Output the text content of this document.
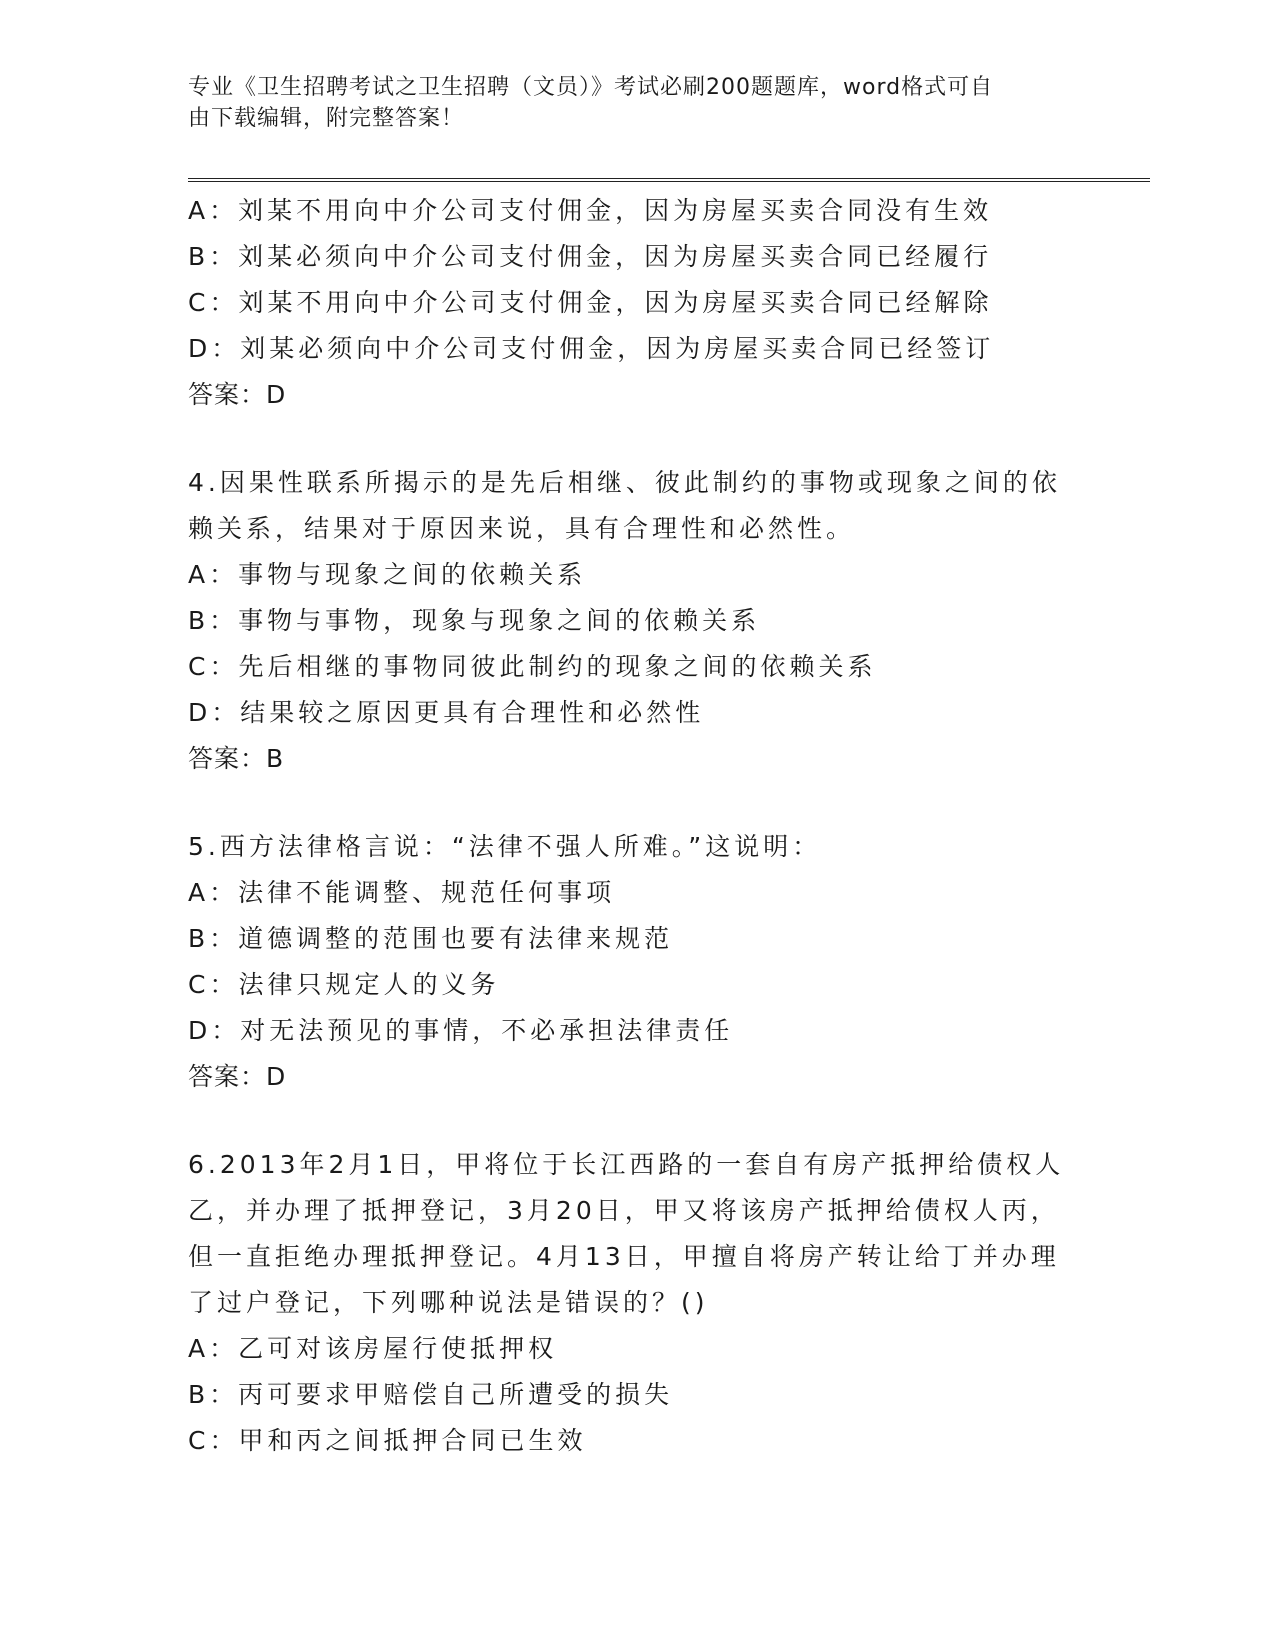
专业《卫生招聘考试之卫生招聘（文员）》考试必刷200题题库，word格式可自
由下载编辑，附完整答案！
A：刘某不用向中介公司支付佣金，因为房屋买卖合同没有生效
B：刘某必须向中介公司支付佣金，因为房屋买卖合同已经履行
C：刘某不用向中介公司支付佣金，因为房屋买卖合同已经解除
D：刘某必须向中介公司支付佣金，因为房屋买卖合同已经签订
答案：D
4.因果性联系所揭示的是先后相继、彼此制约的事物或现象之间的依
赖关系，结果对于原因来说，具有合理性和必然性。
A：事物与现象之间的依赖关系
B：事物与事物，现象与现象之间的依赖关系
C：先后相继的事物同彼此制约的现象之间的依赖关系
D：结果较之原因更具有合理性和必然性
答案：B
5.西方法律格言说：“法律不强人所难。”这说明：
A：法律不能调整、规范任何事项
B：道德调整的范围也要有法律来规范
C：法律只规定人的义务
D：对无法预见的事情，不必承担法律责任
答案：D
6.2013年2月1日，甲将位于长江西路的一套自有房产抵押给债权人
乙，并办理了抵押登记，3月20日，甲又将该房产抵押给债权人丙，
但一直拒绝办理抵押登记。4月13日，甲擅自将房产转让给丁并办理
了过户登记，下列哪种说法是错误的？()
A：乙可对该房屋行使抵押权
B：丙可要求甲赔偿自己所遭受的损失
C：甲和丙之间抵押合同已生效
